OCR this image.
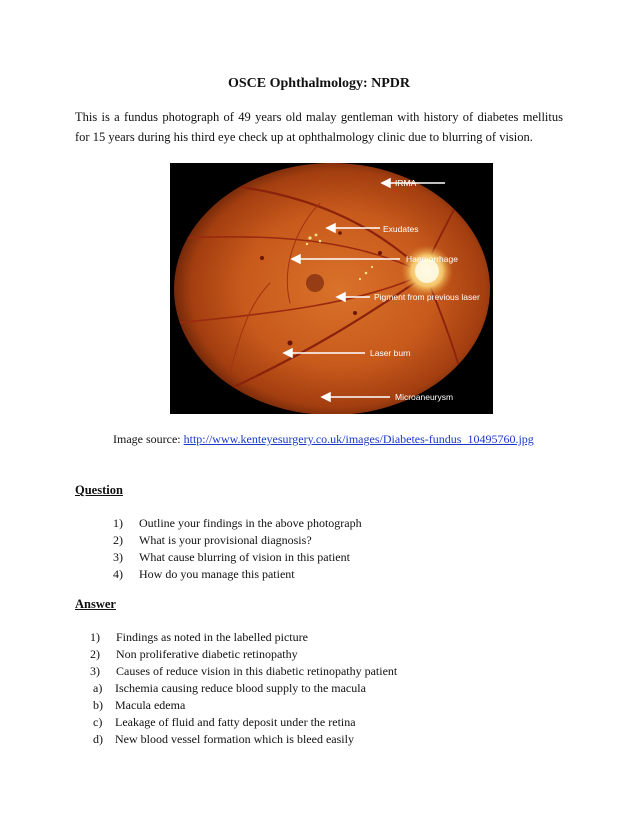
OSCE Ophthalmology: NPDR
This is a fundus photograph of 49 years old malay gentleman with history of diabetes mellitus for 15 years during his third eye check up at ophthalmology clinic due to blurring of vision.
IRMA
Exudates
Haemorrhage
Pigment from previous laser
Laser burn
Microaneurysm
Image source: http://www.kenteyesurgery.co.uk/images/Diabetes-fundus_10495760.jpg
Question
1) Outline your findings in the above photograph
2) What is your provisional diagnosis?
3) What cause blurring of vision in this patient
4) How do you manage this patient
Answer
1) Findings as noted in the labelled picture
2) Non proliferative diabetic retinopathy
3) Causes of reduce vision in this diabetic retinopathy patient
a) Ischemia causing reduce blood supply to the macula
b) Macula edema
c) Leakage of fluid and fatty deposit under the retina
d) New blood vessel formation which is bleed easily
